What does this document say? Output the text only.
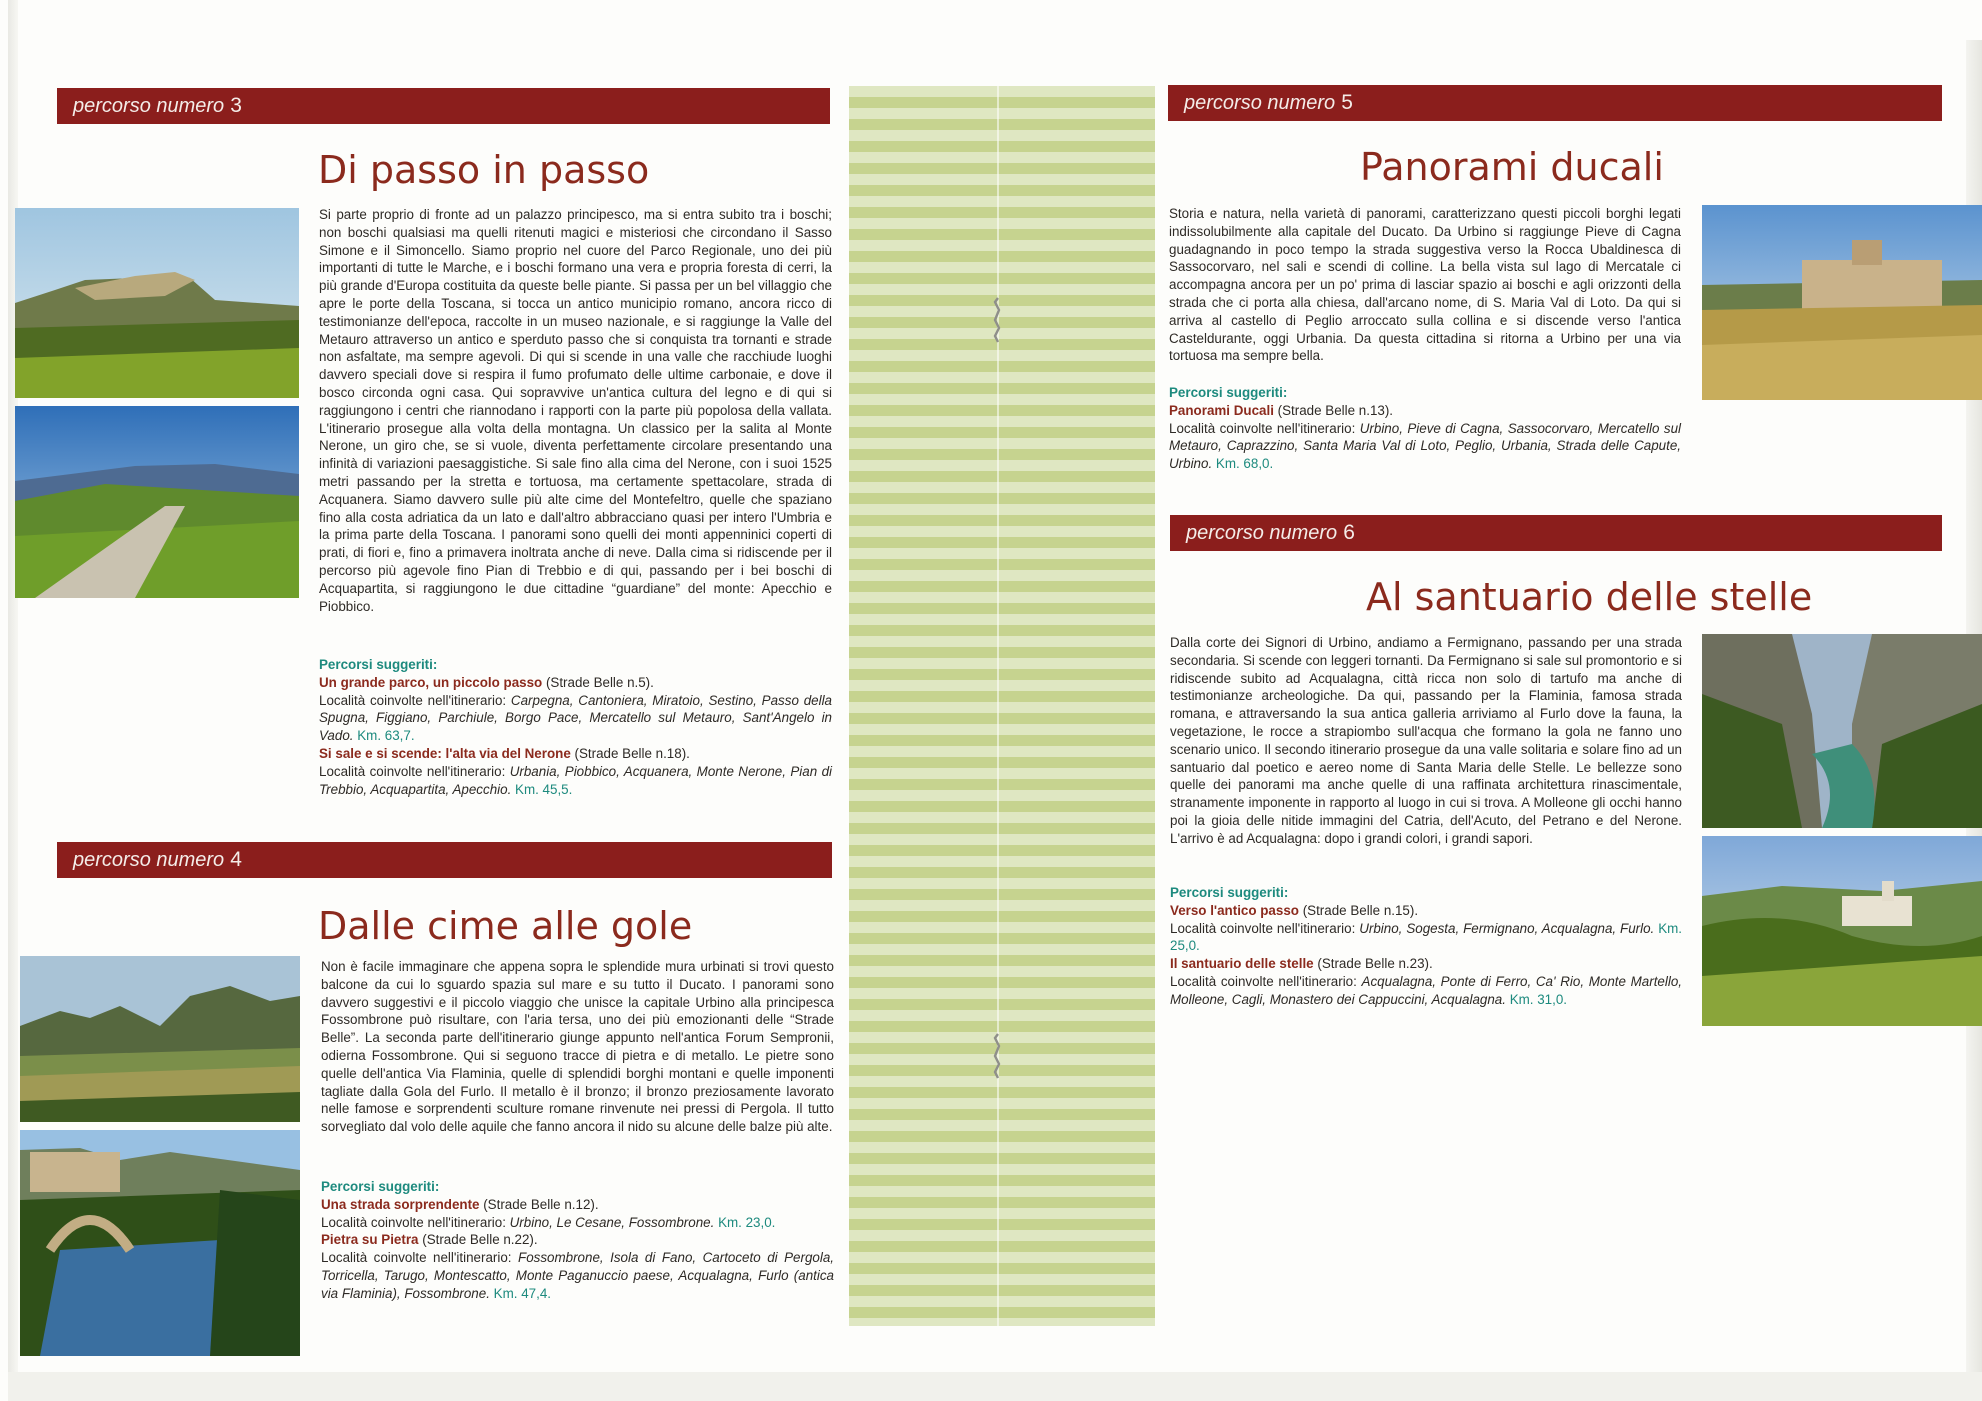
percorso numero 3
Di passo in passo
Si parte proprio di fronte ad un palazzo principesco, ma si entra subito tra i boschi; non boschi qualsiasi ma quelli ritenuti magici e misteriosi che circondano il Sasso Simone e il Simoncello. Siamo proprio nel cuore del Parco Regionale, uno dei più importanti di tutte le Marche, e i boschi formano una vera e propria foresta di cerri, la più grande d'Europa costituita da queste belle piante. Si passa per un bel villaggio che apre le porte della Toscana, si tocca un antico municipio romano, ancora ricco di testimonianze dell'epoca, raccolte in un museo nazionale, e si raggiunge la Valle del Metauro attraverso un antico e sperduto passo che si conquista tra tornanti e strade non asfaltate, ma sempre agevoli. Di qui si scende in una valle che racchiude luoghi davvero speciali dove si respira il fumo profumato delle ultime carbonaie, e dove il bosco circonda ogni casa. Qui sopravvive un'antica cultura del legno e di qui si raggiungono i centri che riannodano i rapporti con la parte più popolosa della vallata. L'itinerario prosegue alla volta della montagna. Un classico per la salita al Monte Nerone, un giro che, se si vuole, diventa perfettamente circolare presentando una infinità di variazioni paesaggistiche. Si sale fino alla cima del Nerone, con i suoi 1525 metri passando per la stretta e tortuosa, ma certamente spettacolare, strada di Acquanera. Siamo davvero sulle più alte cime del Montefeltro, quelle che spaziano fino alla costa adriatica da un lato e dall'altro abbracciano quasi per intero l'Umbria e la prima parte della Toscana. I panorami sono quelli dei monti appenninici coperti di prati, di fiori e, fino a primavera inoltrata anche di neve. Dalla cima si ridiscende per il percorso più agevole fino Pian di Trebbio e di qui, passando per i bei boschi di Acquapartita, si raggiungono le due cittadine “guardiane” del monte: Apecchio e Piobbico.
Percorsi suggeriti:
Un grande parco, un piccolo passo (Strade Belle n.5).
Località coinvolte nell'itinerario: Carpegna, Cantoniera, Miratoio, Sestino, Passo della Spugna, Figgiano, Parchiule, Borgo Pace, Mercatello sul Metauro, Sant'Angelo in Vado. Km. 63,7.
Si sale e si scende: l'alta via del Nerone (Strade Belle n.18).
Località coinvolte nell'itinerario: Urbania, Piobbico, Acquanera, Monte Nerone, Pian di Trebbio, Acquapartita, Apecchio. Km. 45,5.
percorso numero 4
Dalle cime alle gole
Non è facile immaginare che appena sopra le splendide mura urbinati si trovi questo balcone da cui lo sguardo spazia sul mare e su tutto il Ducato. I panorami sono davvero suggestivi e il piccolo viaggio che unisce la capitale Urbino alla principesca Fossombrone può risultare, con l'aria tersa, uno dei più emozionanti delle “Strade Belle”. La seconda parte dell'itinerario giunge appunto nell'antica Forum Sempronii, odierna Fossombrone. Qui si seguono tracce di pietra e di metallo. Le pietre sono quelle dell'antica Via Flaminia, quelle di splendidi borghi montani e quelle imponenti tagliate dalla Gola del Furlo. Il metallo è il bronzo; il bronzo preziosamente lavorato nelle famose e sorprendenti sculture romane rinvenute nei pressi di Pergola. Il tutto sorvegliato dal volo delle aquile che fanno ancora il nido su alcune delle balze più alte.
Percorsi suggeriti:
Una strada sorprendente (Strade Belle n.12).
Località coinvolte nell'itinerario: Urbino, Le Cesane, Fossombrone. Km. 23,0.
Pietra su Pietra (Strade Belle n.22).
Località coinvolte nell'itinerario: Fossombrone, Isola di Fano, Cartoceto di Pergola, Torricella, Tarugo, Montescatto, Monte Paganuccio paese, Acqualagna, Furlo (antica via Flaminia), Fossombrone. Km. 47,4.
percorso numero 5
Panorami ducali
Storia e natura, nella varietà di panorami, caratterizzano questi piccoli borghi legati indissolubilmente alla capitale del Ducato. Da Urbino si raggiunge Pieve di Cagna guadagnando in poco tempo la strada suggestiva verso la Rocca Ubaldinesca di Sassocorvaro, nel sali e scendi di colline. La bella vista sul lago di Mercatale ci accompagna ancora per un po' prima di lasciar spazio ai boschi e agli orizzonti della strada che ci porta alla chiesa, dall'arcano nome, di S. Maria Val di Loto. Da qui si arriva al castello di Peglio arroccato sulla collina e si discende verso l'antica Casteldurante, oggi Urbania. Da questa cittadina si ritorna a Urbino per una via tortuosa ma sempre bella.
Percorsi suggeriti:
Panorami Ducali (Strade Belle n.13).
Località coinvolte nell'itinerario: Urbino, Pieve di Cagna, Sassocorvaro, Mercatello sul Metauro, Caprazzino, Santa Maria Val di Loto, Peglio, Urbania, Strada delle Capute, Urbino. Km. 68,0.
percorso numero 6
Al santuario delle stelle
Dalla corte dei Signori di Urbino, andiamo a Fermignano, passando per una strada secondaria. Si scende con leggeri tornanti. Da Fermignano si sale sul promontorio e si ridiscende subito ad Acqualagna, città ricca non solo di tartufo ma anche di testimonianze archeologiche. Da qui, passando per la Flaminia, famosa strada romana, e attraversando la sua antica galleria arriviamo al Furlo dove la fauna, la vegetazione, le rocce a strapiombo sull'acqua che formano la gola ne fanno uno scenario unico. Il secondo itinerario prosegue da una valle solitaria e solare fino ad un santuario dal poetico e aereo nome di Santa Maria delle Stelle. Le bellezze sono quelle dei panorami ma anche quelle di una raffinata architettura rinascimentale, stranamente imponente in rapporto al luogo in cui si trova. A Molleone gli occhi hanno poi la gioia delle nitide immagini del Catria, dell'Acuto, del Petrano e del Nerone. L'arrivo è ad Acqualagna: dopo i grandi colori, i grandi sapori.
Percorsi suggeriti:
Verso l'antico passo (Strade Belle n.15).
Località coinvolte nell'itinerario: Urbino, Sogesta, Fermignano, Acqualagna, Furlo. Km. 25,0.
Il santuario delle stelle (Strade Belle n.23).
Località coinvolte nell'itinerario: Acqualagna, Ponte di Ferro, Ca' Rio, Monte Martello, Molleone, Cagli, Monastero dei Cappuccini, Acqualagna. Km. 31,0.
